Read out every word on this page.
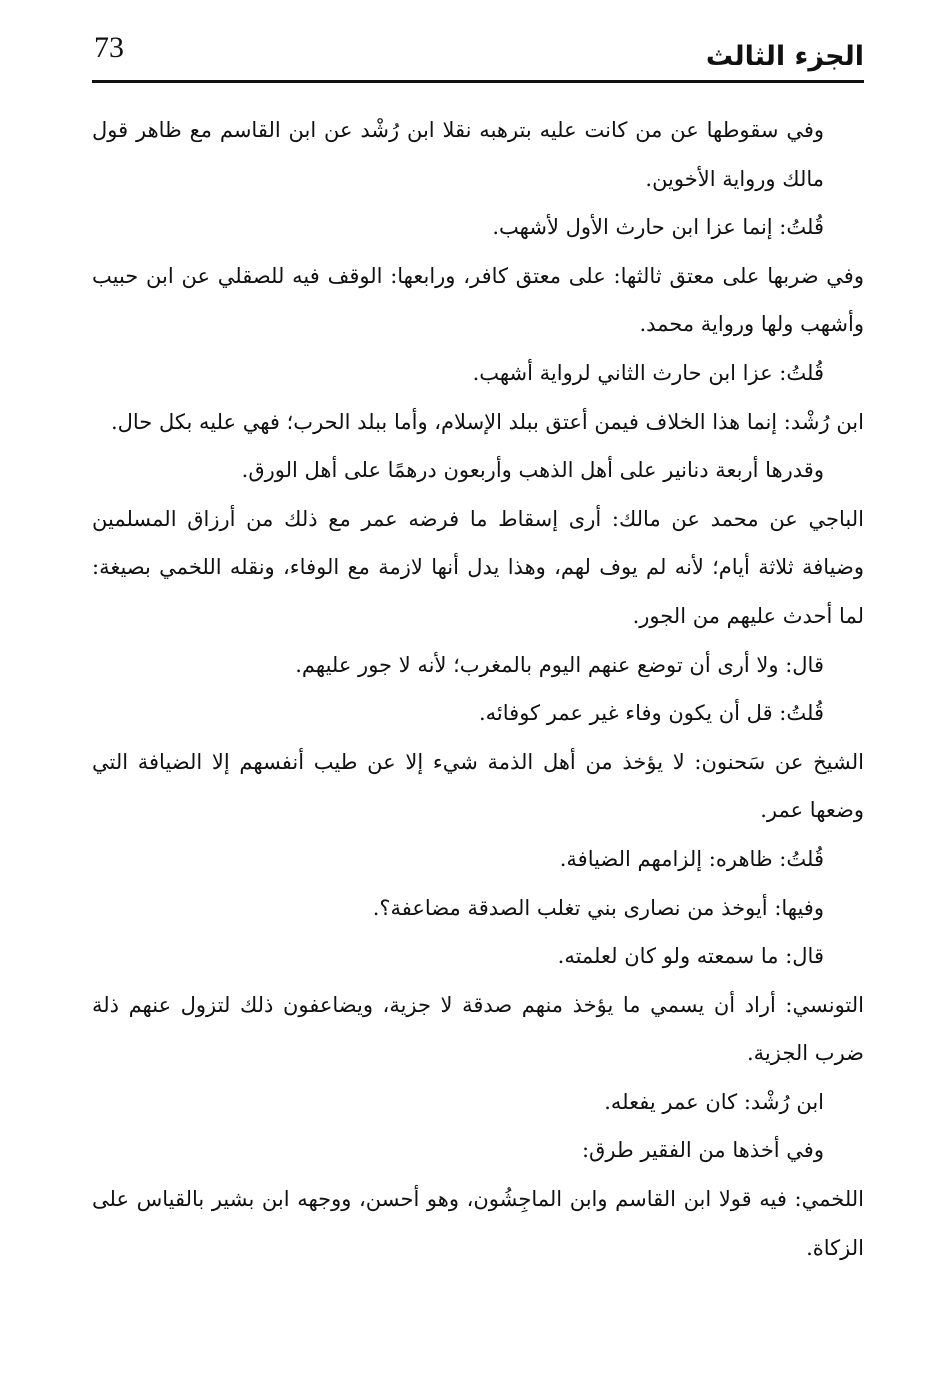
73	الجزء الثالث

وفي سقوطها عن من كانت عليه بترهبه نقلا ابن رُشْد عن ابن القاسم مع ظاهر قول مالك ورواية الأخوين.

قُلتُ: إنما عزا ابن حارث الأول لأشهب.

وفي ضربها على معتق ثالثها: على معتق كافر، ورابعها: الوقف فيه للصقلي عن ابن حبيب وأشهب ولها ورواية محمد.

قُلتُ: عزا ابن حارث الثاني لرواية أشهب.

ابن رُشْد: إنما هذا الخلاف فيمن أعتق ببلد الإسلام، وأما ببلد الحرب؛ فهي عليه بكل حال.

وقدرها أربعة دنانير على أهل الذهب وأربعون درهمًا على أهل الورق.

الباجي عن محمد عن مالك: أرى إسقاط ما فرضه عمر مع ذلك من أرزاق المسلمين وضيافة ثلاثة أيام؛ لأنه لم يوف لهم، وهذا يدل أنها لازمة مع الوفاء، ونقله اللخمي بصيغة: لما أحدث عليهم من الجور.

قال: ولا أرى أن توضع عنهم اليوم بالمغرب؛ لأنه لا جور عليهم.

قُلتُ: قل أن يكون وفاء غير عمر كوفائه.

الشيخ عن سَحنون: لا يؤخذ من أهل الذمة شيء إلا عن طيب أنفسهم إلا الضيافة التي وضعها عمر.

قُلتُ: ظاهره: إلزامهم الضيافة.

وفيها: أيوخذ من نصارى بني تغلب الصدقة مضاعفة؟.

قال: ما سمعته ولو كان لعلمته.

التونسي: أراد أن يسمي ما يؤخذ منهم صدقة لا جزية، ويضاعفون ذلك لتزول عنهم ذلة ضرب الجزية.

ابن رُشْد: كان عمر يفعله.

وفي أخذها من الفقير طرق:

اللخمي: فيه قولا ابن القاسم وابن الماجِشُون، وهو أحسن، ووجهه ابن بشير بالقياس على الزكاة.
